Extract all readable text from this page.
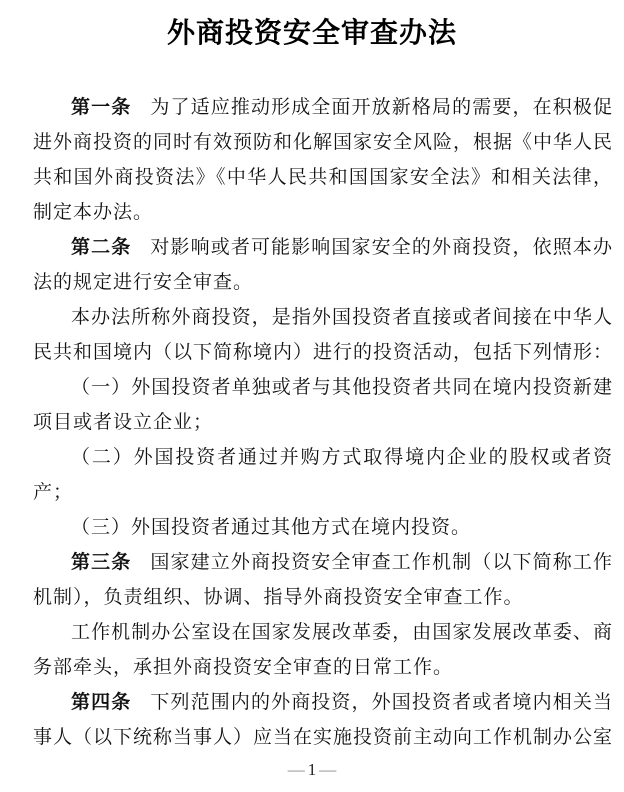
外商投资安全审查办法

第一条 为了适应推动形成全面开放新格局的需要，在积极促进外商投资的同时有效预防和化解国家安全风险，根据《中华人民共和国外商投资法》《中华人民共和国国家安全法》和相关法律，制定本办法。

第二条 对影响或者可能影响国家安全的外商投资，依照本办法的规定进行安全审查。

本办法所称外商投资，是指外国投资者直接或者间接在中华人民共和国境内（以下简称境内）进行的投资活动，包括下列情形：

（一）外国投资者单独或者与其他投资者共同在境内投资新建项目或者设立企业；

（二）外国投资者通过并购方式取得境内企业的股权或者资产；

（三）外国投资者通过其他方式在境内投资。

第三条 国家建立外商投资安全审查工作机制（以下简称工作机制），负责组织、协调、指导外商投资安全审查工作。

工作机制办公室设在国家发展改革委，由国家发展改革委、商务部牵头，承担外商投资安全审查的日常工作。

第四条 下列范围内的外商投资，外国投资者或者境内相关当事人（以下统称当事人）应当在实施投资前主动向工作机制办公室

— 1 —
